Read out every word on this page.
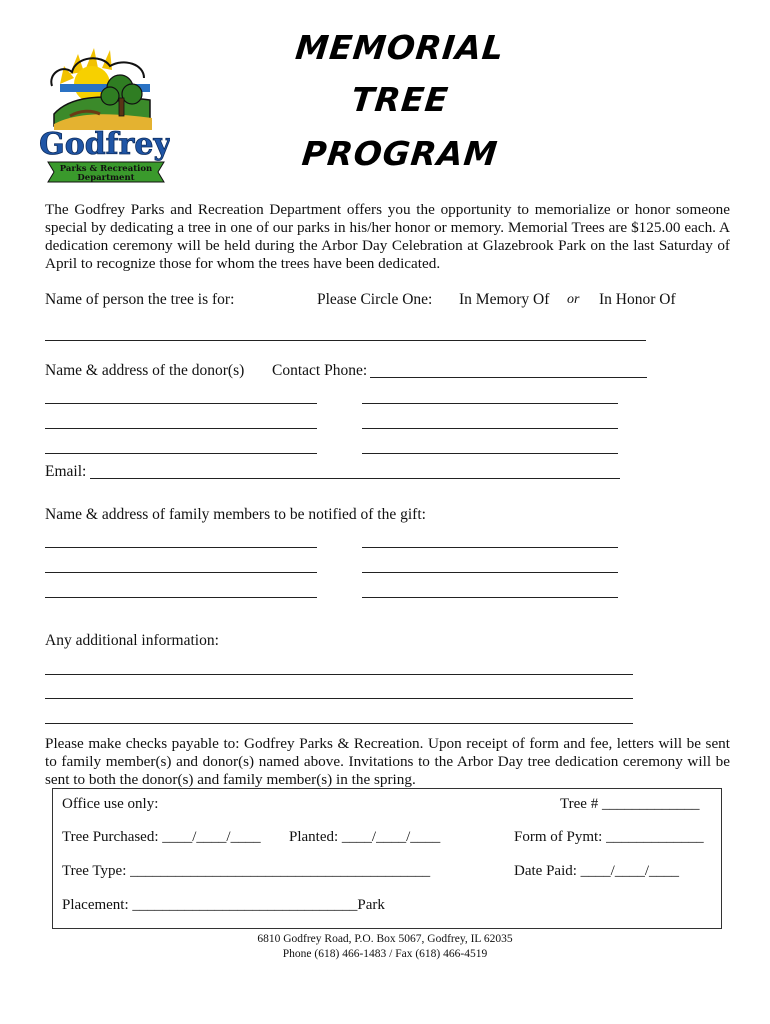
Godfrey
Parks & Recreation
Department
MEMORIAL
TREE
PROGRAM
The Godfrey Parks and Recreation Department offers you the opportunity to memorialize or honor someone special by dedicating a tree in one of our parks in his/her honor or memory. Memorial Trees are $125.00 each. A dedication ceremony will be held during the Arbor Day Celebration at Glazebrook Park on the last Saturday of April to recognize those for whom the trees have been dedicated.
Name of person the tree is for:	Please Circle One: In Memory Of or In Honor Of
Name & address of the donor(s) Contact Phone:
Email:
Name & address of family members to be notified of the gift:
Any additional information:
Please make checks payable to: Godfrey Parks & Recreation. Upon receipt of form and fee, letters will be sent to family member(s) and donor(s) named above. Invitations to the Arbor Day tree dedication ceremony will be sent to both the donor(s) and family member(s) in the spring.
Office use only:	Tree # _____________
Tree Purchased: ____/____/____ Planted: ____/____/____	Form of Pymt: _____________
Tree Type: ________________________________________	Date Paid: ____/____/____
Placement: ______________________________Park
6810 Godfrey Road, P.O. Box 5067, Godfrey, IL 62035
Phone (618) 466-1483 / Fax (618) 466-4519
